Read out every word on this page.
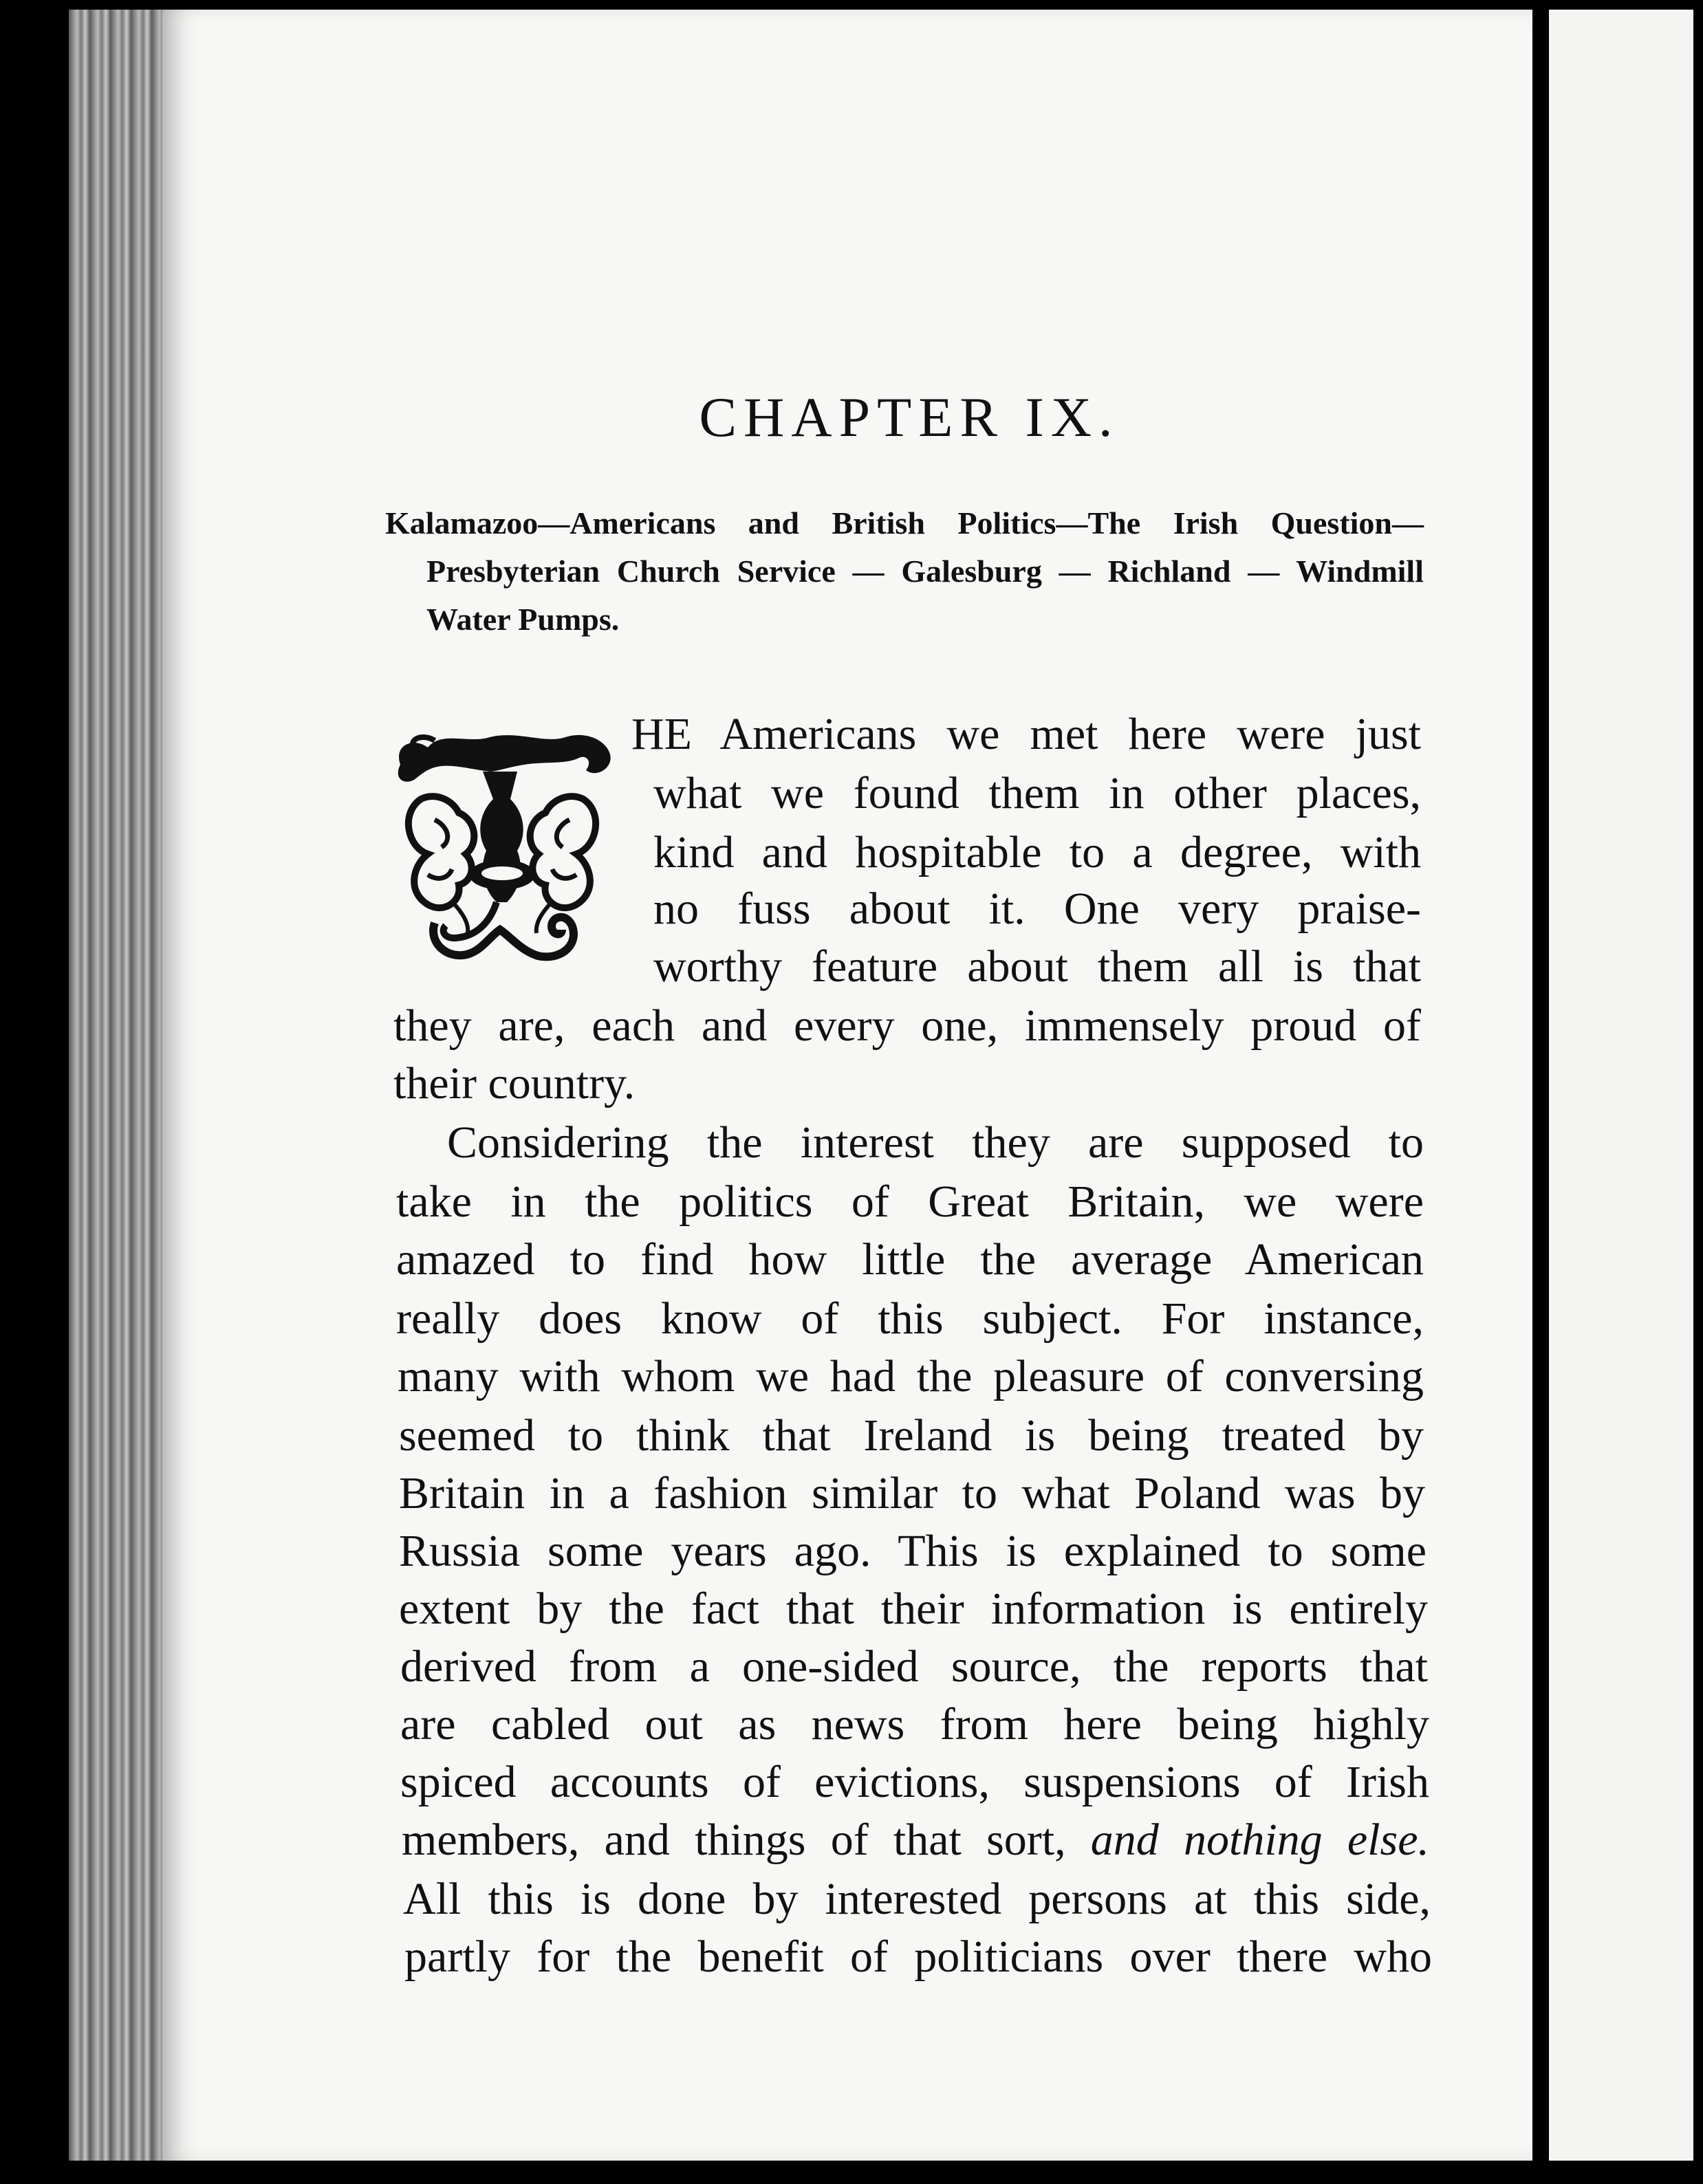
CHAPTER IX.

Kalamazoo—Americans and British Politics—The Irish Question—Presbyterian Church Service — Galesburg — Richland — Windmill Water Pumps.

HE Americans we met here were just
what we found them in other places,
kind and hospitable to a degree, with
no fuss about it. One very praise-
worthy feature about them all is that
they are, each and every one, immensely proud of
their country.
Considering the interest they are supposed to
take in the politics of Great Britain, we were
amazed to find how little the average American
really does know of this subject. For instance,
many with whom we had the pleasure of conversing
seemed to think that Ireland is being treated by
Britain in a fashion similar to what Poland was by
Russia some years ago. This is explained to some
extent by the fact that their information is entirely
derived from a one-sided source, the reports that
are cabled out as news from here being highly
spiced accounts of evictions, suspensions of Irish
members, and things of that sort, and nothing else.
All this is done by interested persons at this side,
partly for the benefit of politicians over there who
